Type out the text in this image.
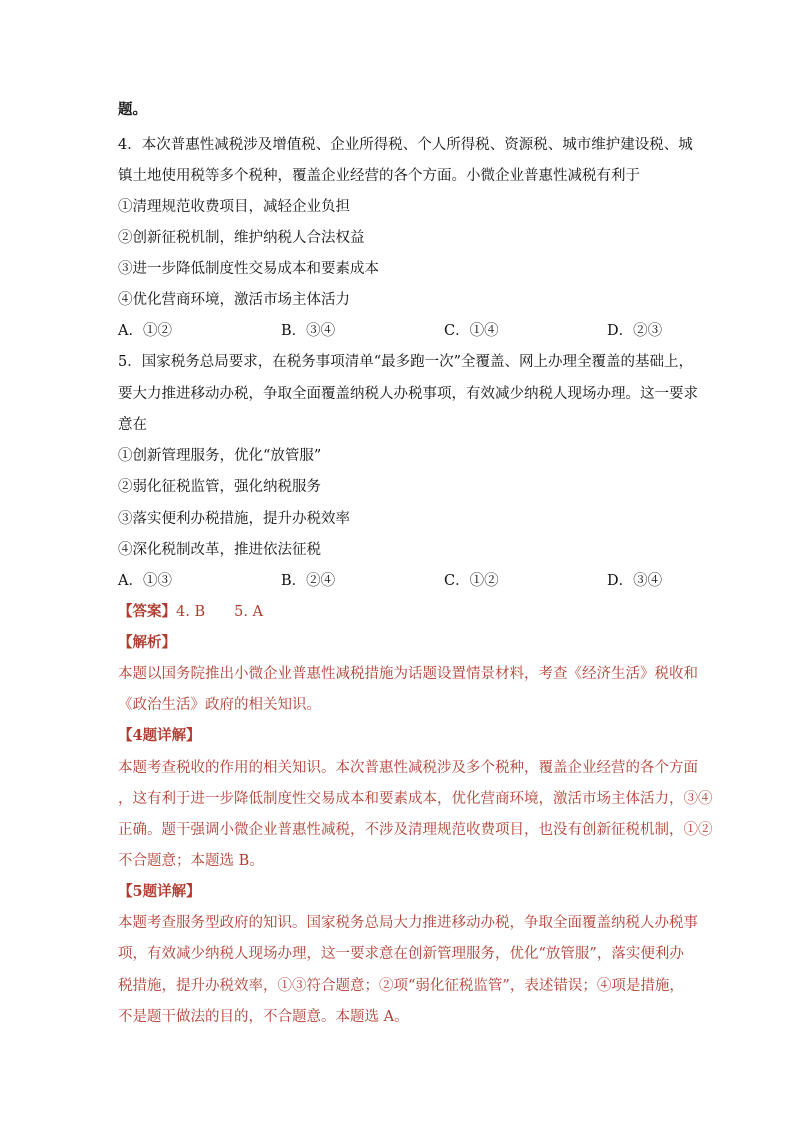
题。
4．本次普惠性减税涉及增值税、企业所得税、个人所得税、资源税、城市维护建设税、城
镇土地使用税等多个税种，覆盖企业经营的各个方面。小微企业普惠性减税有利于
①清理规范收费项目，减轻企业负担
②创新征税机制，维护纳税人合法权益
③进一步降低制度性交易成本和要素成本
④优化营商环境，激活市场主体活力
A．①②	B．③④	C．①④	D．②③
5．国家税务总局要求，在税务事项清单“最多跑一次”全覆盖、网上办理全覆盖的基础上，
要大力推进移动办税，争取全面覆盖纳税人办税事项，有效减少纳税人现场办理。这一要求
意在
①创新管理服务，优化“放管服”
②弱化征税监管，强化纳税服务
③落实便利办税措施，提升办税效率
④深化税制改革，推进依法征税
A．①③	B．②④	C．①②	D．③④
【答案】4. B　　5. A
【解析】
本题以国务院推出小微企业普惠性减税措施为话题设置情景材料，考查《经济生活》税收和
《政治生活》政府的相关知识。
【4题详解】
本题考查税收的作用的相关知识。本次普惠性减税涉及多个税种，覆盖企业经营的各个方面
，这有利于进一步降低制度性交易成本和要素成本，优化营商环境，激活市场主体活力，③④
正确。题干强调小微企业普惠性减税，不涉及清理规范收费项目，也没有创新征税机制，①②
不合题意；本题选 B。
【5题详解】
本题考查服务型政府的知识。国家税务总局大力推进移动办税，争取全面覆盖纳税人办税事
项，有效减少纳税人现场办理，这一要求意在创新管理服务，优化“放管服”，落实便利办
税措施，提升办税效率，①③符合题意；②项“弱化征税监管”，表述错误；④项是措施，
不是题干做法的目的，不合题意。本题选 A。
